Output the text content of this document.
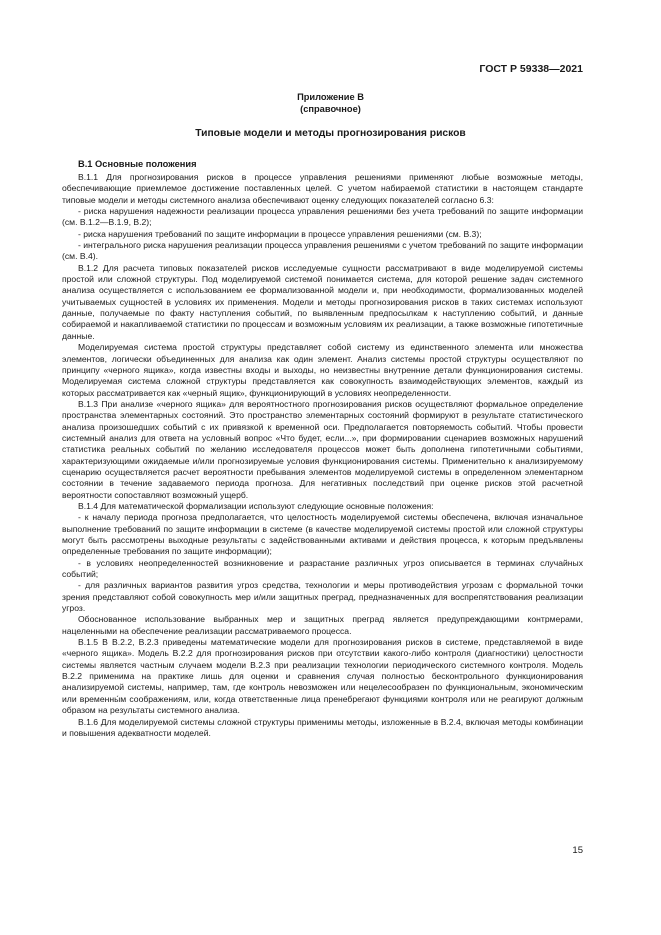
ГОСТ Р 59338—2021
Приложение В
(справочное)
Типовые модели и методы прогнозирования рисков
В.1 Основные положения

В.1.1 Для прогнозирования рисков в процессе управления решениями применяют любые возможные методы, обеспечивающие приемлемое достижение поставленных целей. С учетом набираемой статистики в настоящем стандарте типовые модели и методы системного анализа обеспечивают оценку следующих показателей согласно 6.3:

- риска нарушения надежности реализации процесса управления решениями без учета требований по защите информации (см. В.1.2—В.1.9, В.2);

- риска нарушения требований по защите информации в процессе управления решениями (см. В.3);

- интегрального риска нарушения реализации процесса управления решениями с учетом требований по защите информации (см. В.4).

В.1.2 Для расчета типовых показателей рисков исследуемые сущности рассматривают в виде моделируемой системы простой или сложной структуры. Под моделируемой системой понимается система, для которой решение задач системного анализа осуществляется с использованием ее формализованной модели и, при необходимости, формализованных моделей учитываемых сущностей в условиях их применения. Модели и методы прогнозирования рисков в таких системах используют данные, получаемые по факту наступления событий, по выявленным предпосылкам к наступлению событий, и данные собираемой и накапливаемой статистики по процессам и возможным условиям их реализации, а также возможные гипотетичные данные.

Моделируемая система простой структуры представляет собой систему из единственного элемента или множества элементов, логически объединенных для анализа как один элемент. Анализ системы простой структуры осуществляют по принципу «черного ящика», когда известны входы и выходы, но неизвестны внутренние детали функционирования системы. Моделируемая система сложной структуры представляется как совокупность взаимодействующих элементов, каждый из которых рассматривается как «черный ящик», функционирующий в условиях неопределенности.

В.1.3 При анализе «черного ящика» для вероятностного прогнозирования рисков осуществляют формальное определение пространства элементарных состояний. Это пространство элементарных состояний формируют в результате статистического анализа произошедших событий с их привязкой к временной оси. Предполагается повторяемость событий. Чтобы провести системный анализ для ответа на условный вопрос «Что будет, если...», при формировании сценариев возможных нарушений статистика реальных событий по желанию исследователя процессов может быть дополнена гипотетичными событиями, характеризующими ожидаемые и/или прогнозируемые условия функционирования системы. Применительно к анализируемому сценарию осуществляется расчет вероятности пребывания элементов моделируемой системы в определенном элементарном состоянии в течение задаваемого периода прогноза. Для негативных последствий при оценке рисков этой расчетной вероятности сопоставляют возможный ущерб.

В.1.4 Для математической формализации используют следующие основные положения:

- к началу периода прогноза предполагается, что целостность моделируемой системы обеспечена, включая изначальное выполнение требований по защите информации в системе (в качестве моделируемой системы простой или сложной структуры могут быть рассмотрены выходные результаты с задействованными активами и действия процесса, к которым предъявлены определенные требования по защите информации);

- в условиях неопределенностей возникновение и разрастание различных угроз описывается в терминах случайных событий;

- для различных вариантов развития угроз средства, технологии и меры противодействия угрозам с формальной точки зрения представляют собой совокупность мер и/или защитных преград, предназначенных для воспрепятствования реализации угроз.

Обоснованное использование выбранных мер и защитных преград является предупреждающими контрмерами, нацеленными на обеспечение реализации рассматриваемого процесса.

В.1.5 В В.2.2, В.2.3 приведены математические модели для прогнозирования рисков в системе, представляемой в виде «черного ящика». Модель В.2.2 для прогнозирования рисков при отсутствии какого-либо контроля (диагностики) целостности системы является частным случаем модели В.2.3 при реализации технологии периодического системного контроля. Модель В.2.2 применима на практике лишь для оценки и сравнения случая полностью бесконтрольного функционирования анализируемой системы, например, там, где контроль невозможен или нецелесообразен по функциональным, экономическим или временны́м соображениям, или, когда ответственные лица пренебрегают функциями контроля или не реагируют должным образом на результаты системного анализа.

В.1.6 Для моделируемой системы сложной структуры применимы методы, изложенные в В.2.4, включая методы комбинации и повышения адекватности моделей.

15
